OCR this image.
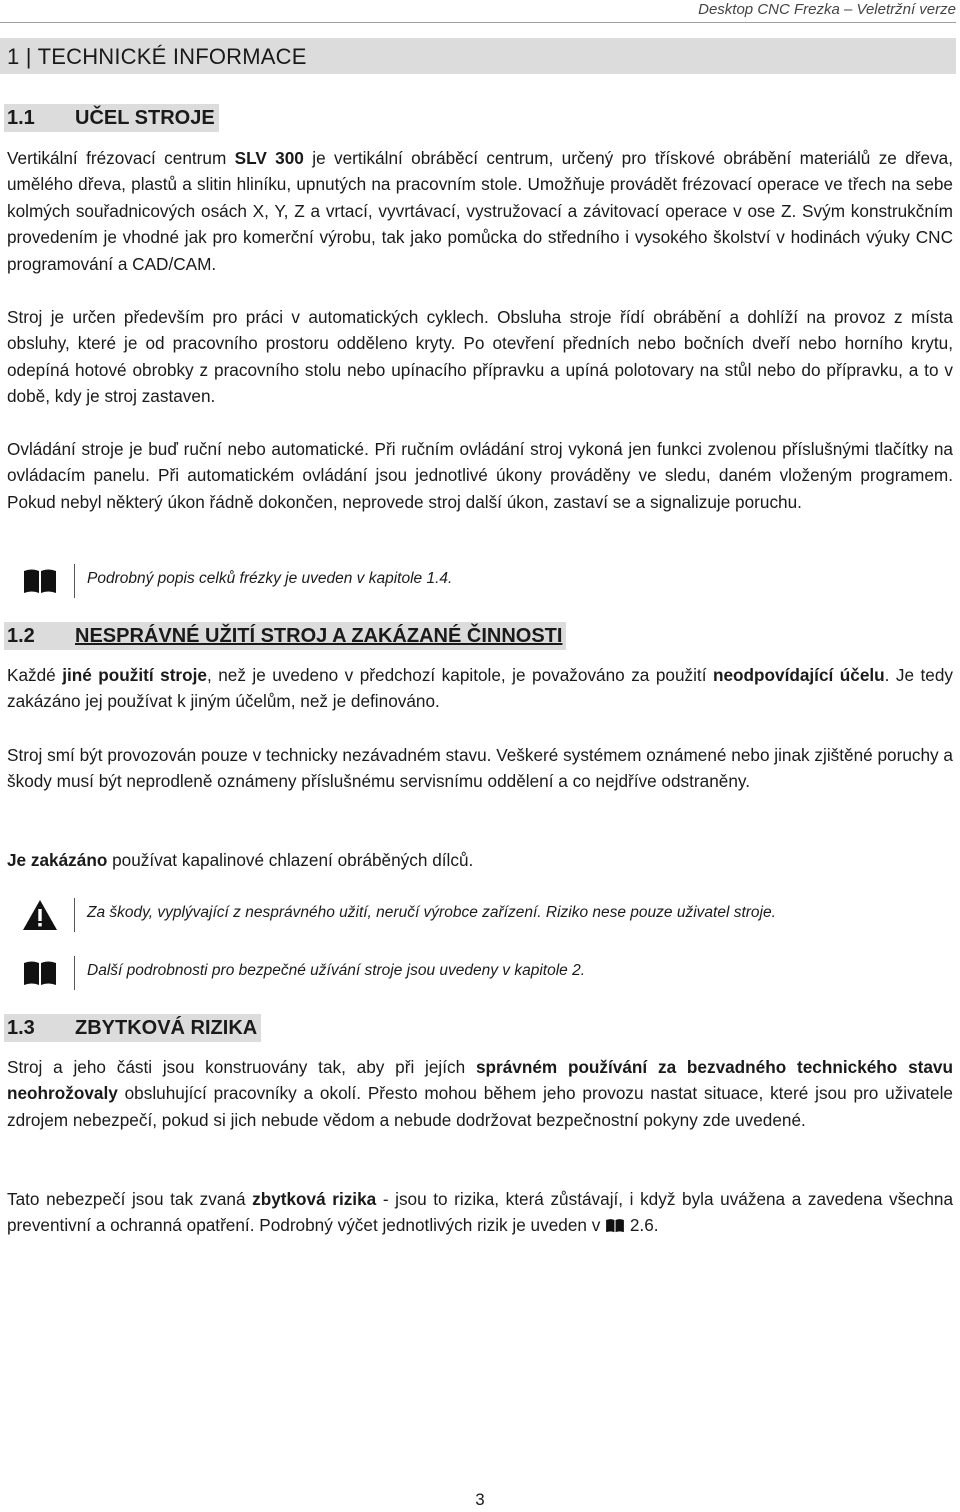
Desktop CNC Frezka – Veletržní verze
1 | TECHNICKÉ INFORMACE
1.1 UČEL STROJE

Vertikální frézovací centrum SLV 300 je vertikální obráběcí centrum, určený pro třískové obrábění materiálů ze dřeva, umělého dřeva, plastů a slitin hliníku, upnutých na pracovním stole. Umožňuje provádět frézovací operace ve třech na sebe kolmých souřadnicových osách X, Y, Z a vrtací, vyvrtávací, vystružovací a závitovací operace v ose Z. Svým konstrukčním provedením je vhodné jak pro komerční výrobu, tak jako pomůcka do středního i vysokého školství v hodinách výuky CNC programování a CAD/CAM.

Stroj je určen především pro práci v automatických cyklech. Obsluha stroje řídí obrábění a dohlíží na provoz z místa obsluhy, které je od pracovního prostoru odděleno kryty. Po otevření předních nebo bočních dveří nebo horního krytu, odepíná hotové obrobky z pracovního stolu nebo upínacího přípravku a upíná polotovary na stůl nebo do přípravku, a to v době, kdy je stroj zastaven.

Ovládání stroje je buď ruční nebo automatické. Při ručním ovládání stroj vykoná jen funkci zvolenou příslušnými tlačítky na ovládacím panelu. Při automatickém ovládání jsou jednotlivé úkony prováděny ve sledu, daném vloženým programem. Pokud nebyl některý úkon řádně dokončen, neprovede stroj další úkon, zastaví se a signalizuje poruchu.

Podrobný popis celků frézky je uveden v kapitole 1.4.
1.2 NESPRÁVNÉ UŽITÍ STROJ A ZAKÁZANÉ ČINNOSTI

Každé jiné použití stroje, než je uvedeno v předchozí kapitole, je považováno za použití neodpovídající účelu. Je tedy zakázáno jej používat k jiným účelům, než je definováno.

Stroj smí být provozován pouze v technicky nezávadném stavu. Veškeré systémem oznámené nebo jinak zjištěné poruchy a škody musí být neprodleně oznámeny příslušnému servisnímu oddělení a co nejdříve odstraněny.

Je zakázáno používat kapalinové chlazení obráběných dílců.

Za škody, vyplývající z nesprávného užití, neručí výrobce zařízení. Riziko nese pouze uživatel stroje.
Další podrobnosti pro bezpečné užívání stroje jsou uvedeny v kapitole 2.
1.3 ZBYTKOVÁ RIZIKA

Stroj a jeho části jsou konstruovány tak, aby při jejích správném používání za bezvadného technického stavu neohrožovaly obsluhující pracovníky a okolí. Přesto mohou během jeho provozu nastat situace, které jsou pro uživatele zdrojem nebezpečí, pokud si jich nebude vědom a nebude dodržovat bezpečnostní pokyny zde uvedené.

Tato nebezpečí jsou tak zvaná zbytková rizika - jsou to rizika, která zůstávají, i když byla uvážena a zavedena všechna preventivní a ochranná opatření. Podrobný výčet jednotlivých rizik je uveden v  2.6.

3
